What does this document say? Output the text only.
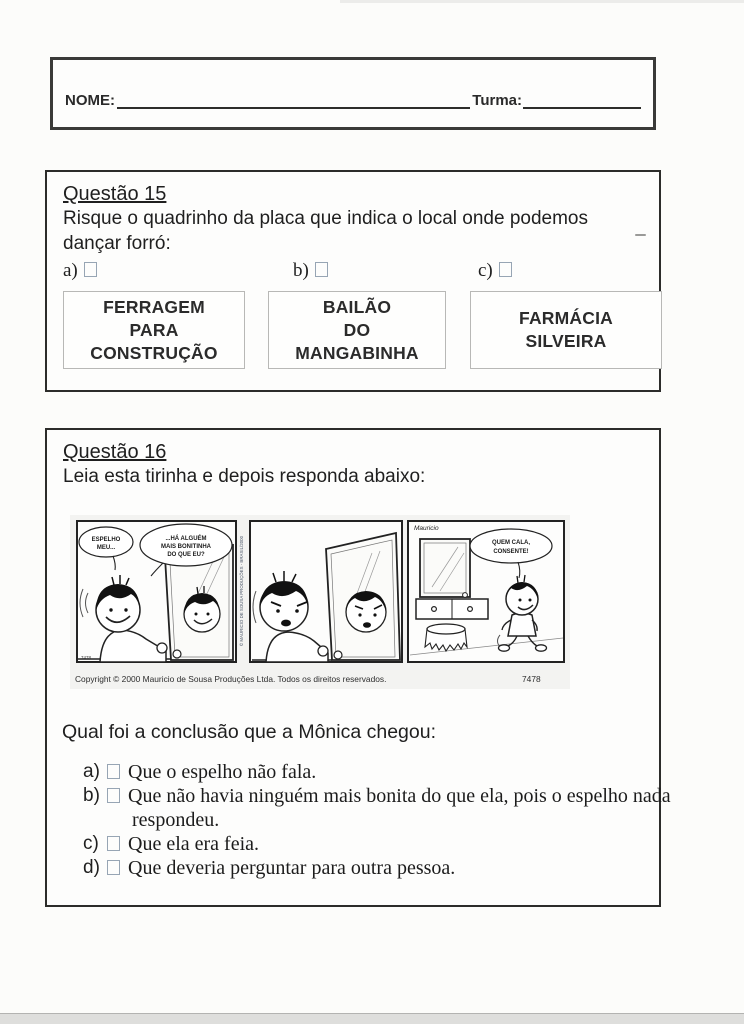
NOME:	Turma:
Questão 15
Risque o quadrinho da placa que indica o local onde podemos
dançar forró:
a)	b)	c)
FERRAGEM
PARA
CONSTRUÇÃO
BAILÃO
DO
MANGABINHA
FARMÁCIA
SILVEIRA
Questão 16
Leia esta tirinha e depois responda abaixo:
ESPELHO
MEU...
...HÁ ALGUÉM
MAIS BONITINHA
DO QUE EU?
7478
© MAURICIO DE SOUSA PRODUÇÕES - BRASIL/2000
Mauricio
QUEM CALA,
CONSENTE!
Copyright © 2000 Mauricio de Sousa Produções Ltda. Todos os direitos reservados.	7478
Qual foi a conclusão que a Mônica chegou:
a)	Que o espelho não fala.
b)	Que não havia ninguém mais bonita do que ela, pois o espelho nada
respondeu.
c)	Que ela era feia.
d)	Que deveria perguntar para outra pessoa.
